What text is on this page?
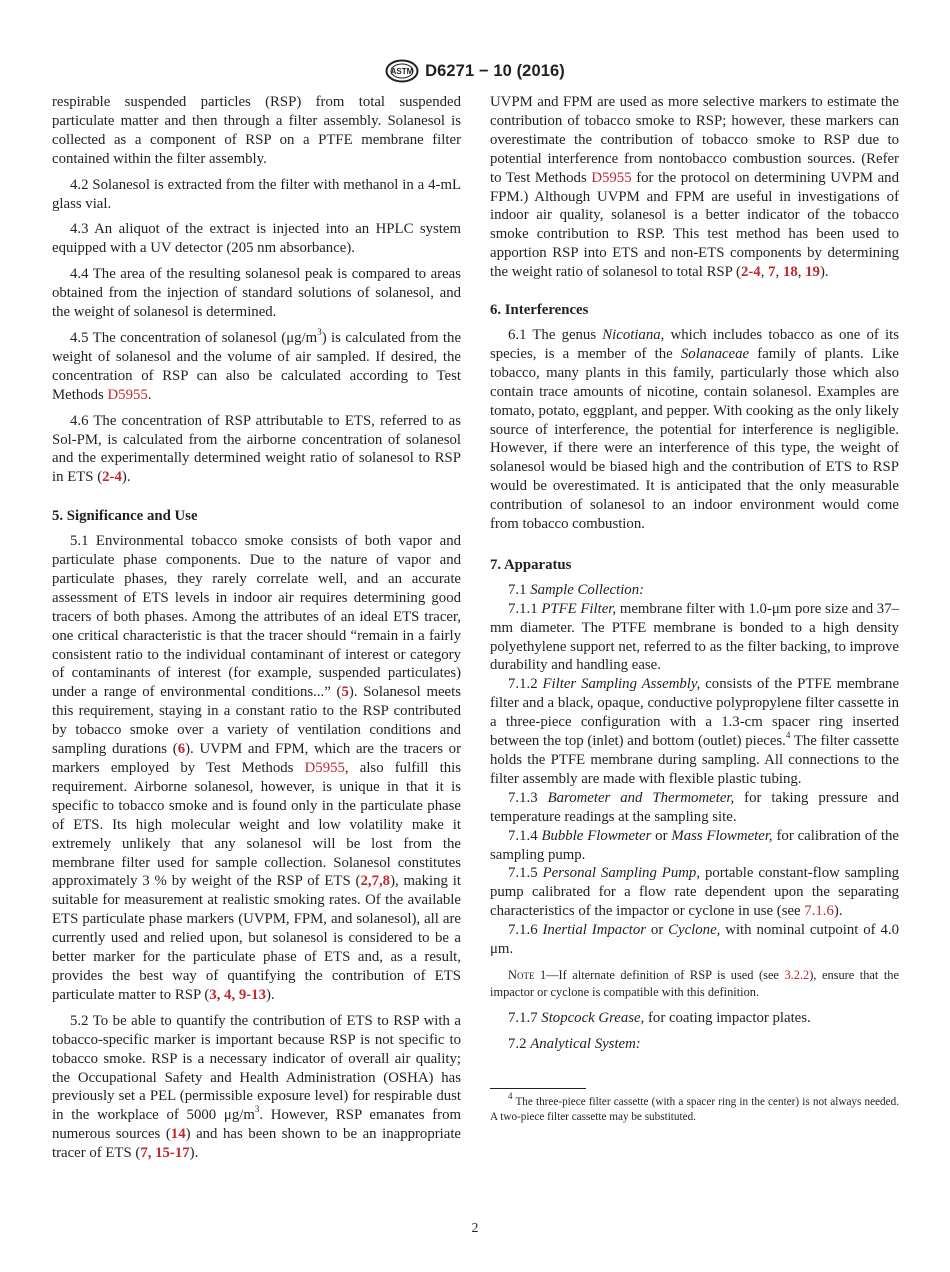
ASTM D6271 − 10 (2016)

respirable suspended particles (RSP) from total suspended particulate matter and then through a filter assembly. Solanesol is collected as a component of RSP on a PTFE membrane filter contained within the filter assembly.

4.2 Solanesol is extracted from the filter with methanol in a 4-mL glass vial.

4.3 An aliquot of the extract is injected into an HPLC system equipped with a UV detector (205 nm absorbance).

4.4 The area of the resulting solanesol peak is compared to areas obtained from the injection of standard solutions of solanesol, and the weight of solanesol is determined.

4.5 The concentration of solanesol $(\mu g/m^3)$ is calculated from the weight of solanesol and the volume of air sampled. If desired, the concentration of RSP can also be calculated according to Test Methods D5955.

4.6 The concentration of RSP attributable to ETS, referred to as Sol-PM, is calculated from the airborne concentration of solanesol and the experimentally determined weight ratio of solanesol to RSP in ETS (2-4).

5. Significance and Use

5.1 Environmental tobacco smoke consists of both vapor and particulate phase components. Due to the nature of vapor and particulate phases, they rarely correlate well, and an accurate assessment of ETS levels in indoor air requires determining good tracers of both phases. Among the attributes of an ideal ETS tracer, one critical characteristic is that the tracer should “remain in a fairly consistent ratio to the individual contaminant of interest or category of contaminants of interest (for example, suspended particulates) under a range of environmental conditions...” (5). Solanesol meets this requirement, staying in a constant ratio to the RSP contributed by tobacco smoke over a variety of ventilation conditions and sampling durations (6). UVPM and FPM, which are the tracers or markers employed by Test Methods D5955, also fulfill this requirement. Airborne solanesol, however, is unique in that it is specific to tobacco smoke and is found only in the particulate phase of ETS. Its high molecular weight and low volatility make it extremely unlikely that any solanesol will be lost from the membrane filter used for sample collection. Solanesol constitutes approximately 3 % by weight of the RSP of ETS (2,7,8), making it suitable for measurement at realistic smoking rates. Of the available ETS particulate phase markers (UVPM, FPM, and solanesol), all are currently used and relied upon, but solanesol is considered to be a better marker for the particulate phase of ETS and, as a result, provides the best way of quantifying the contribution of ETS particulate matter to RSP (3, 4, 9-13).

5.2 To be able to quantify the contribution of ETS to RSP with a tobacco-specific marker is important because RSP is not specific to tobacco smoke. RSP is a necessary indicator of overall air quality; the Occupational Safety and Health Administration (OSHA) has previously set a PEL (permissible exposure level) for respirable dust in the workplace of 5000 $\mu g/m^3$. However, RSP emanates from numerous sources (14) and has been shown to be an inappropriate tracer of ETS (7, 15-17).

UVPM and FPM are used as more selective markers to estimate the contribution of tobacco smoke to RSP; however, these markers can overestimate the contribution of tobacco smoke to RSP due to potential interference from nontobacco combustion sources. (Refer to Test Methods D5955 for the protocol on determining UVPM and FPM.) Although UVPM and FPM are useful in investigations of indoor air quality, solanesol is a better indicator of the tobacco smoke contribution to RSP. This test method has been used to apportion RSP into ETS and non-ETS components by determining the weight ratio of solanesol to total RSP (2-4, 7, 18, 19).

6. Interferences

6.1 The genus Nicotiana, which includes tobacco as one of its species, is a member of the Solanaceae family of plants. Like tobacco, many plants in this family, particularly those which also contain trace amounts of nicotine, contain solanesol. Examples are tomato, potato, eggplant, and pepper. With cooking as the only likely source of interference, the potential for interference is negligible. However, if there were an interference of this type, the weight of solanesol would be biased high and the contribution of ETS to RSP would be overestimated. It is anticipated that the only measurable contribution of solanesol to an indoor environment would come from tobacco combustion.

7. Apparatus

7.1 Sample Collection:

7.1.1 PTFE Filter, membrane filter with 1.0-μm pore size and 37–mm diameter. The PTFE membrane is bonded to a high density polyethylene support net, referred to as the filter backing, to improve durability and handling ease.

7.1.2 Filter Sampling Assembly, consists of the PTFE membrane filter and a black, opaque, conductive polypropylene filter cassette in a three-piece configuration with a 1.3-cm spacer ring inserted between the top (inlet) and bottom (outlet) pieces.$^4$ The filter cassette holds the PTFE membrane during sampling. All connections to the filter assembly are made with flexible plastic tubing.

7.1.3 Barometer and Thermometer, for taking pressure and temperature readings at the sampling site.

7.1.4 Bubble Flowmeter or Mass Flowmeter, for calibration of the sampling pump.

7.1.5 Personal Sampling Pump, portable constant-flow sampling pump calibrated for a flow rate dependent upon the separating characteristics of the impactor or cyclone in use (see 7.1.6).

7.1.6 Inertial Impactor or Cyclone, with nominal cutpoint of 4.0 μm.

Note 1—If alternate definition of RSP is used (see 3.2.2), ensure that the impactor or cyclone is compatible with this definition.

7.1.7 Stopcock Grease, for coating impactor plates.

7.2 Analytical System:

$^4$ The three-piece filter cassette (with a spacer ring in the center) is not always needed. A two-piece filter cassette may be substituted.

2
